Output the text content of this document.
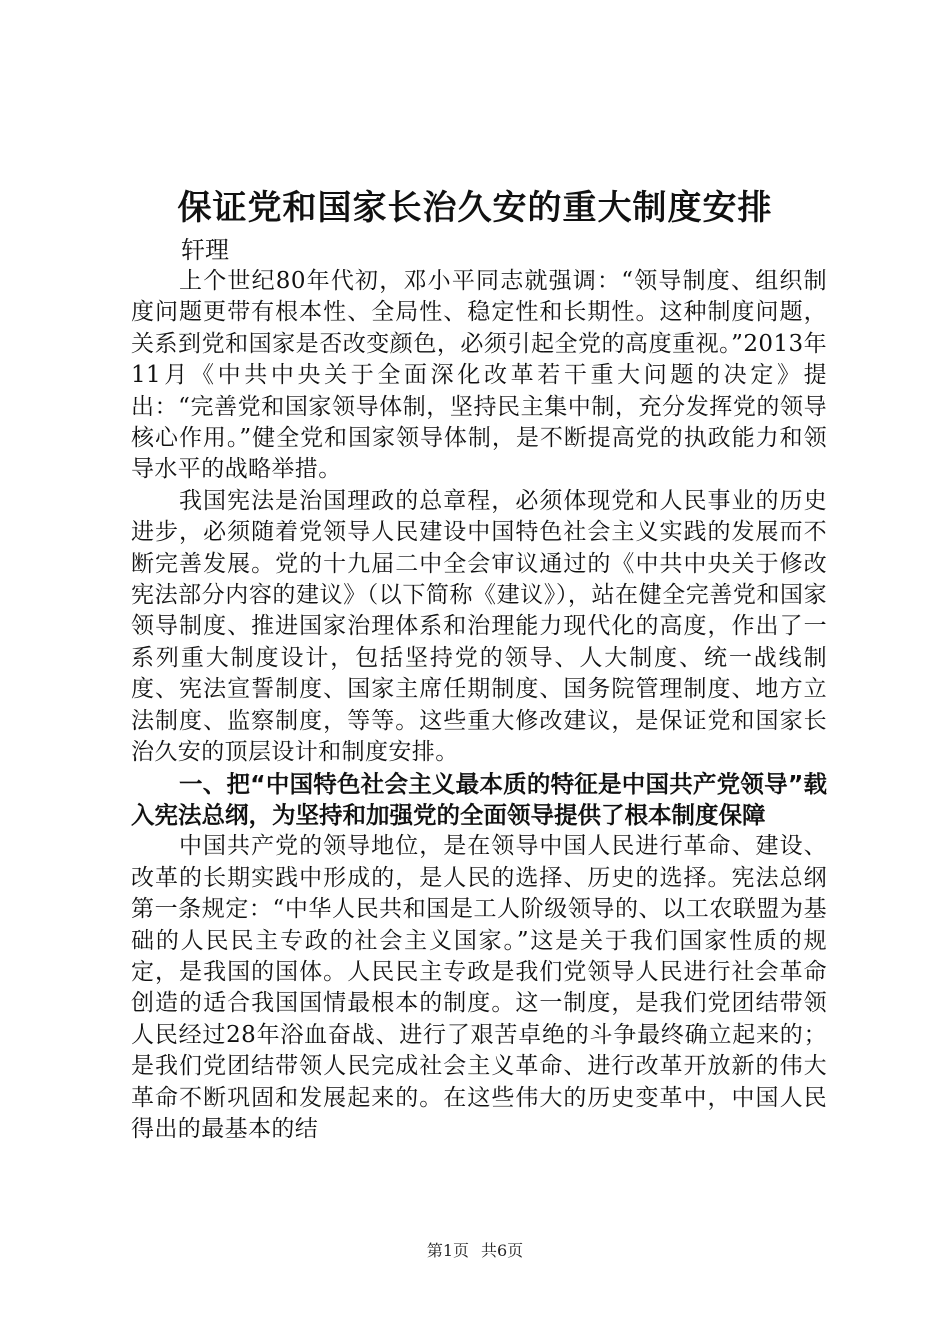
保证党和国家长治久安的重大制度安排

轩理

上个世纪80年代初，邓小平同志就强调：“领导制度、组织制度问题更带有根本性、全局性、稳定性和长期性。这种制度问题，关系到党和国家是否改变颜色，必须引起全党的高度重视。”2013年11月《中共中央关于全面深化改革若干重大问题的决定》提出：“完善党和国家领导体制，坚持民主集中制，充分发挥党的领导核心作用。”健全党和国家领导体制，是不断提高党的执政能力和领导水平的战略举措。

我国宪法是治国理政的总章程，必须体现党和人民事业的历史进步，必须随着党领导人民建设中国特色社会主义实践的发展而不断完善发展。党的十九届二中全会审议通过的《中共中央关于修改宪法部分内容的建议》（以下简称《建议》），站在健全完善党和国家领导制度、推进国家治理体系和治理能力现代化的高度，作出了一系列重大制度设计，包括坚持党的领导、人大制度、统一战线制度、宪法宣誓制度、国家主席任期制度、国务院管理制度、地方立法制度、监察制度，等等。这些重大修改建议，是保证党和国家长治久安的顶层设计和制度安排。

一、把“中国特色社会主义最本质的特征是中国共产党领导”载入宪法总纲，为坚持和加强党的全面领导提供了根本制度保障

中国共产党的领导地位，是在领导中国人民进行革命、建设、改革的长期实践中形成的，是人民的选择、历史的选择。宪法总纲第一条规定：“中华人民共和国是工人阶级领导的、以工农联盟为基础的人民民主专政的社会主义国家。”这是关于我们国家性质的规定，是我国的国体。人民民主专政是我们党领导人民进行社会革命创造的适合我国国情最根本的制度。这一制度，是我们党团结带领人民经过28年浴血奋战、进行了艰苦卓绝的斗争最终确立起来的；是我们党团结带领人民完成社会主义革命、进行改革开放新的伟大革命不断巩固和发展起来的。在这些伟大的历史变革中，中国人民得出的最基本的结

第1页 共6页
